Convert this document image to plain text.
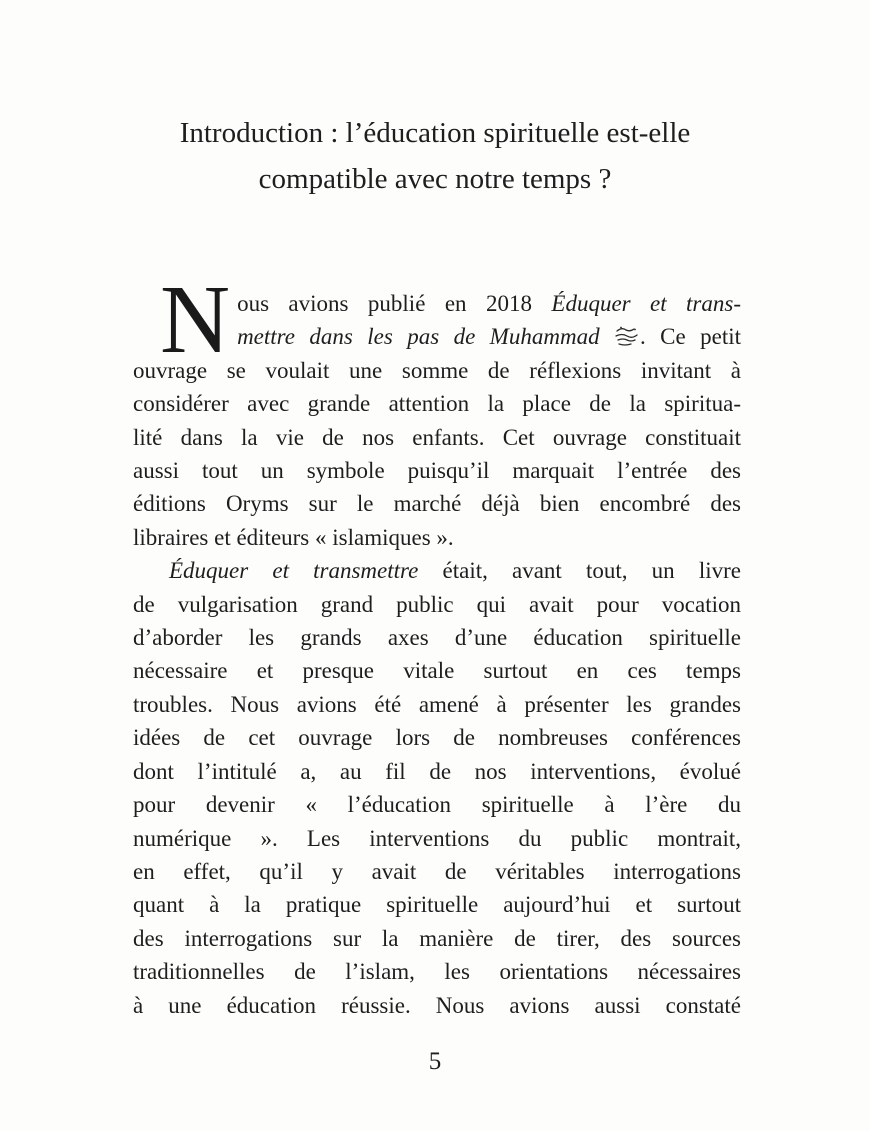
Introduction : l’éducation spirituelle est-elle
compatible avec notre temps ?
N ous avions publié en 2018 Éduquer et trans-
mettre dans les pas de Muhammad . Ce petit
ouvrage se voulait une somme de réflexions invitant à
considérer avec grande attention la place de la spiritua-
lité dans la vie de nos enfants. Cet ouvrage constituait
aussi tout un symbole puisqu’il marquait l’entrée des
éditions Oryms sur le marché déjà bien encombré des
libraires et éditeurs « islamiques ».
Éduquer et transmettre était, avant tout, un livre
de vulgarisation grand public qui avait pour vocation
d’aborder les grands axes d’une éducation spirituelle
nécessaire et presque vitale surtout en ces temps
troubles. Nous avions été amené à présenter les grandes
idées de cet ouvrage lors de nombreuses conférences
dont l’intitulé a, au fil de nos interventions, évolué
pour devenir « l’éducation spirituelle à l’ère du
numérique ». Les interventions du public montrait,
en effet, qu’il y avait de véritables interrogations
quant à la pratique spirituelle aujourd’hui et surtout
des interrogations sur la manière de tirer, des sources
traditionnelles de l’islam, les orientations nécessaires
à une éducation réussie. Nous avions aussi constaté
5
